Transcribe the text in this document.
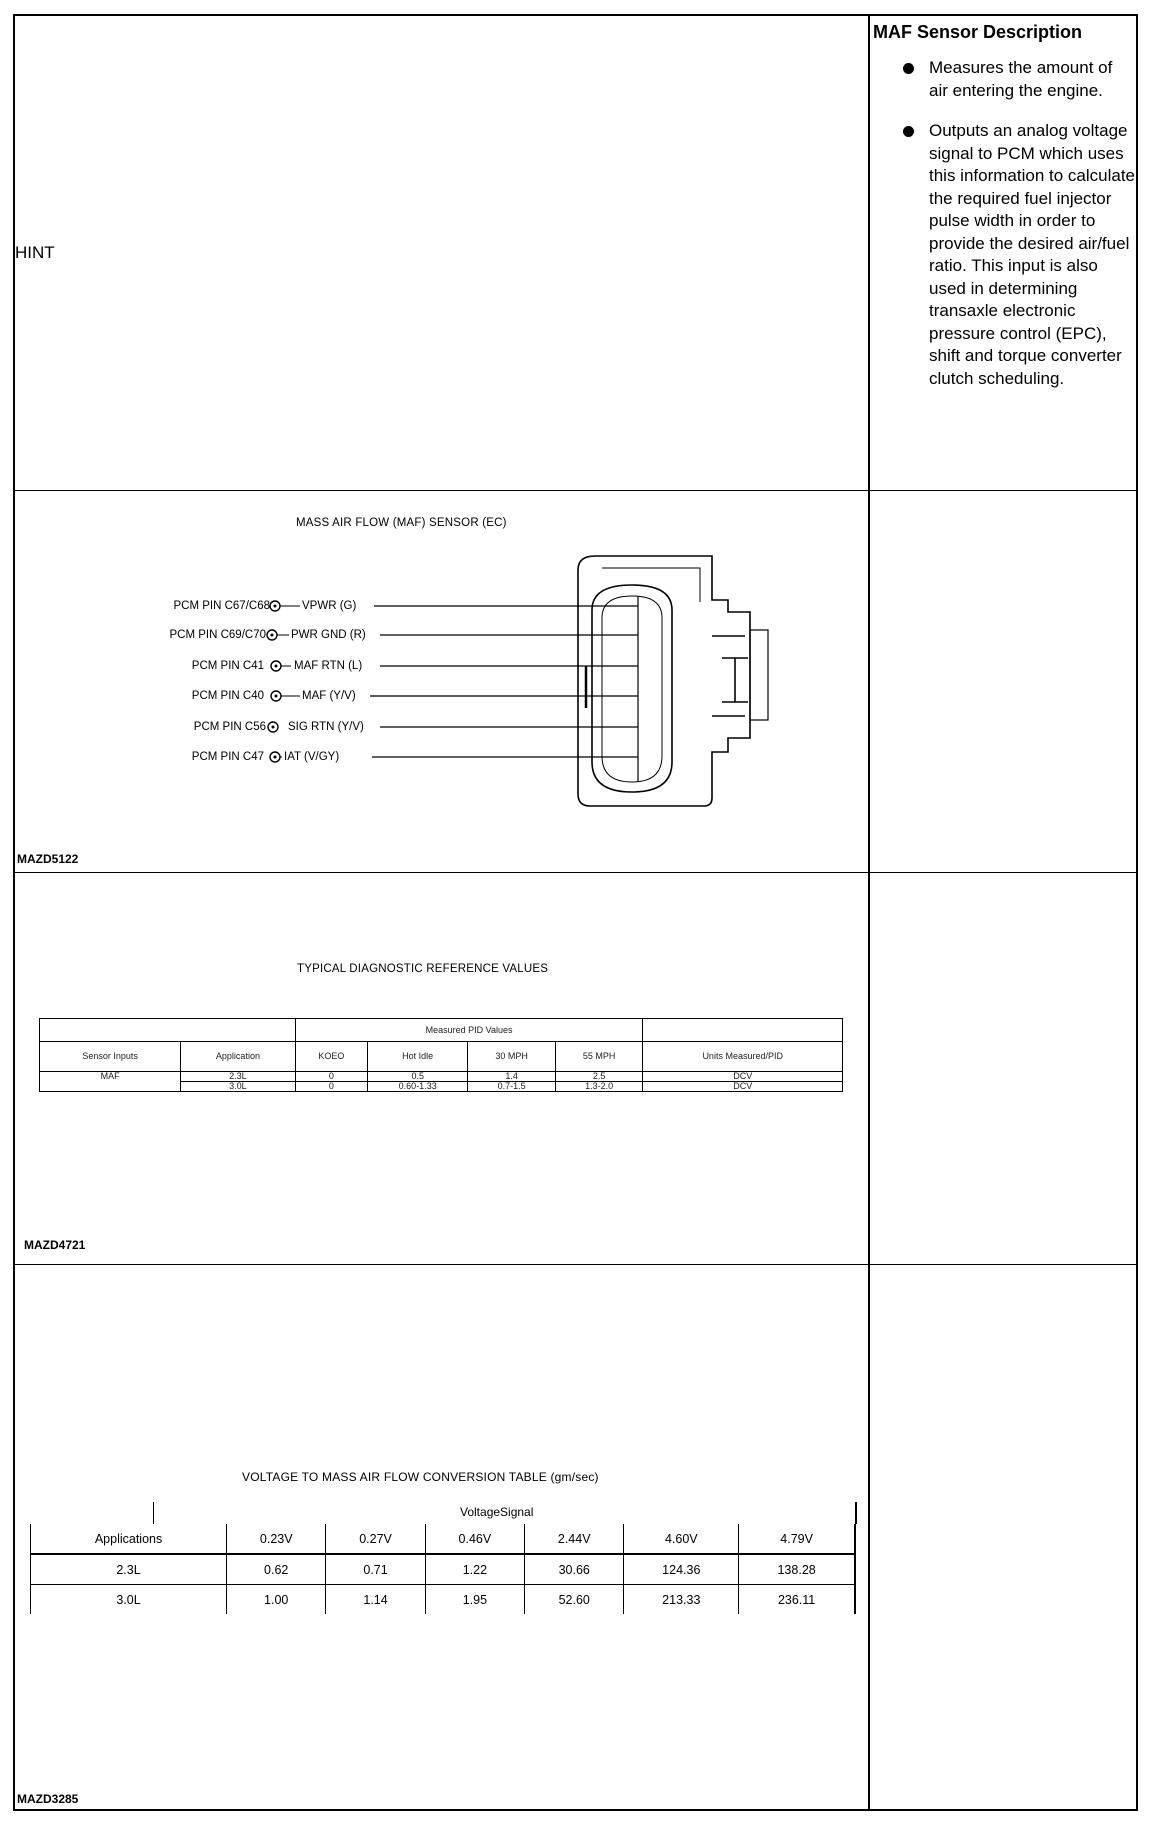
HINT
MAF Sensor Description
Measures the amount of air entering the engine.
Outputs an analog voltage signal to PCM which uses this information to calculate the required fuel injector pulse width in order to provide the desired air/fuel ratio. This input is also used in determining transaxle electronic pressure control (EPC), shift and torque converter clutch scheduling.
MASS AIR FLOW (MAF) SENSOR (EC)
PCM PIN C67/C68	VPWR (G)
PCM PIN C69/C70 PWR GND (R)
PCM PIN C41	MAF RTN (L)
PCM PIN C40	MAF (Y/V)
PCM PIN C56 SIG RTN (Y/V)
PCM PIN C47 IAT (V/GY)
MAZD5122
TYPICAL DIAGNOSTIC REFERENCE VALUES
		Measured PID Values				
Sensor Inputs	Application	KOEO	Hot Idle	30 MPH	55 MPH	Units Measured/PID
MAF	2.3L	0	0.5	1.4	2.5	DCV
	3.0L	0	0.60-1.33	0.7-1.5	1.3-2.0	DCV
MAZD4721
VOLTAGE TO MASS AIR FLOW CONVERSION TABLE (gm/sec)
VoltageSignal
Applications	0.23V	0.27V	0.46V	2.44V	4.60V	4.79V
2.3L	0.62	0.71	1.22	30.66	124.36	138.28
3.0L	1.00	1.14	1.95	52.60	213.33	236.11
MAZD3285
